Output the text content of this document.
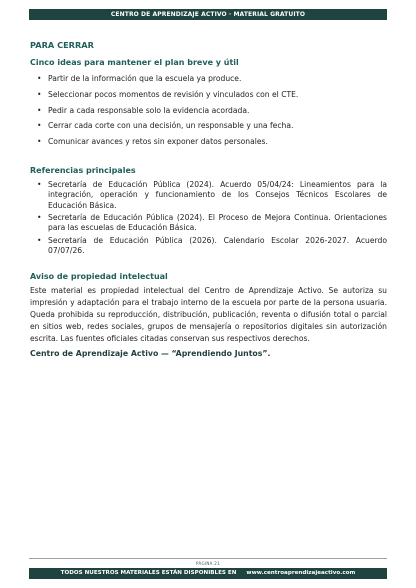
CENTRO DE APRENDIZAJE ACTIVO · MATERIAL GRATUITO

PARA CERRAR

Cinco ideas para mantener el plan breve y útil

• Partir de la información que la escuela ya produce.
• Seleccionar pocos momentos de revisión y vinculados con el CTE.
• Pedir a cada responsable solo la evidencia acordada.
• Cerrar cada corte con una decisión, un responsable y una fecha.
• Comunicar avances y retos sin exponer datos personales.

Referencias principales

• Secretaría de Educación Pública (2024). Acuerdo 05/04/24: Lineamientos para la integración, operación y funcionamiento de los Consejos Técnicos Escolares de Educación Básica.
• Secretaría de Educación Pública (2024). El Proceso de Mejora Continua. Orientaciones para las escuelas de Educación Básica.
• Secretaría de Educación Pública (2026). Calendario Escolar 2026-2027. Acuerdo 07/07/26.

Aviso de propiedad intelectual

Este material es propiedad intelectual del Centro de Aprendizaje Activo. Se autoriza su impresión y adaptación para el trabajo interno de la escuela por parte de la persona usuaria. Queda prohibida su reproducción, distribución, publicación, reventa o difusión total o parcial en sitios web, redes sociales, grupos de mensajería o repositorios digitales sin autorización escrita. Las fuentes oficiales citadas conservan sus respectivos derechos.

Centro de Aprendizaje Activo — “Aprendiendo Juntos”.

PÁGINA 21
TODOS NUESTROS MATERIALES ESTÁN DISPONIBLES EN www.centroaprendizajeactivo.com
